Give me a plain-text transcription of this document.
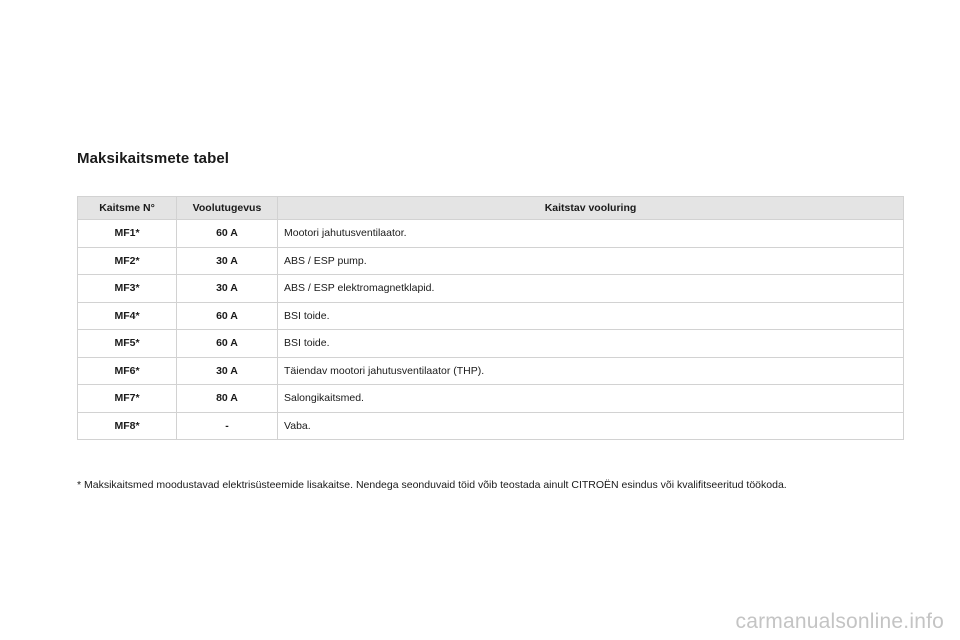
Maksikaitsmete tabel
Kaitsme N°	Voolutugevus	Kaitstav vooluring
MF1*	60 A	Mootori jahutusventilaator.
MF2*	30 A	ABS / ESP pump.
MF3*	30 A	ABS / ESP elektromagnetklapid.
MF4*	60 A	BSI toide.
MF5*	60 A	BSI toide.
MF6*	30 A	Täiendav mootori jahutusventilaator (THP).
MF7*	80 A	Salongikaitsmed.
MF8*	-	Vaba.
* Maksikaitsmed moodustavad elektrisüsteemide lisakaitse. Nendega seonduvaid töid võib teostada ainult CITROËN esindus või kvalifitseeritud töökoda.
carmanualsonline.info
